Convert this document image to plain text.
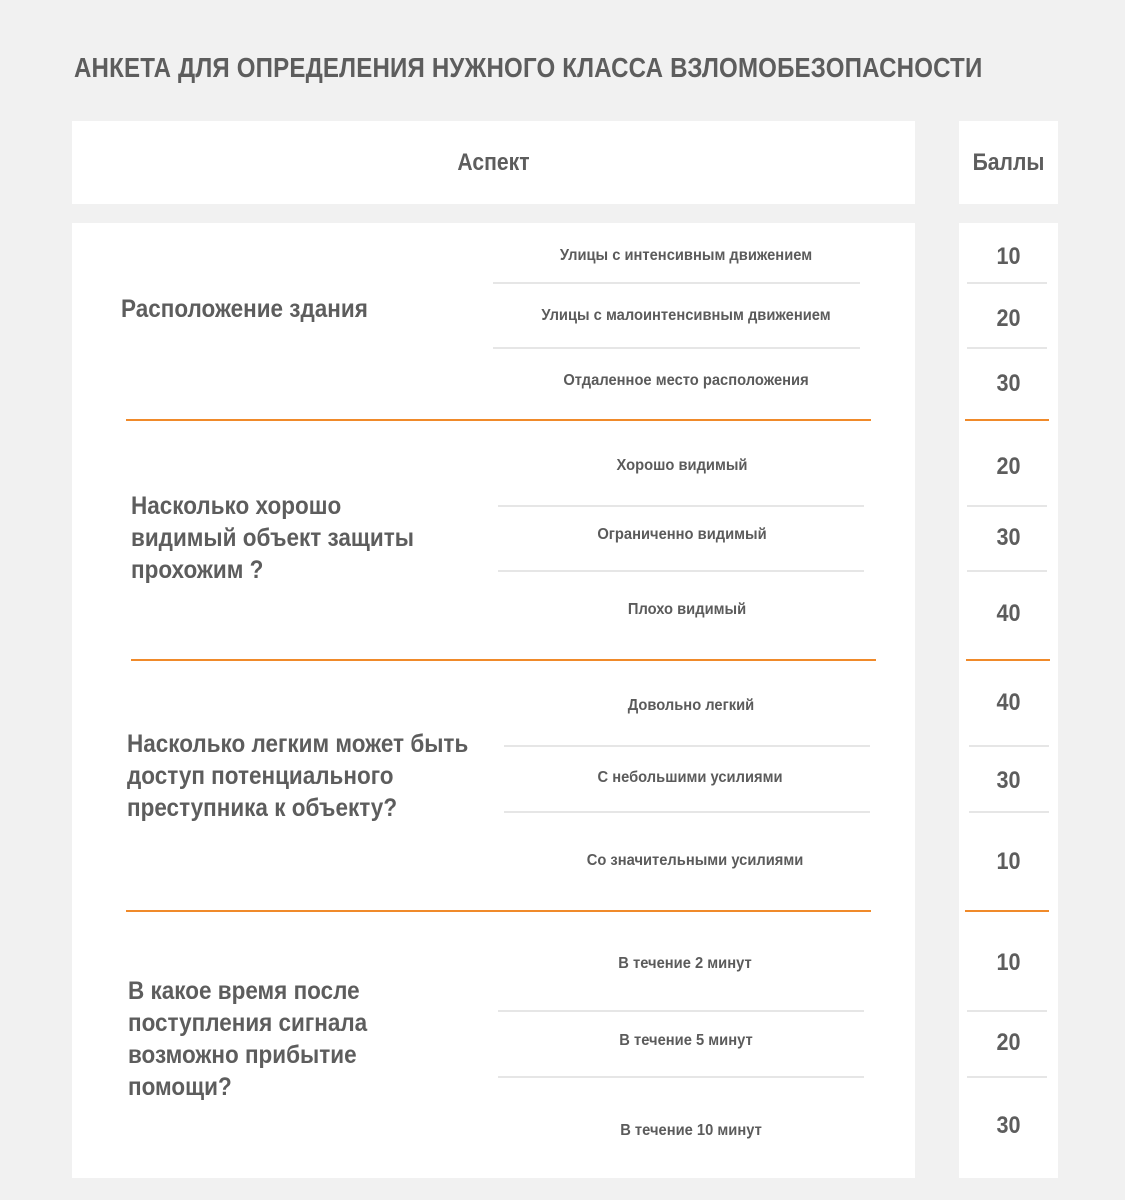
АНКЕТА ДЛЯ ОПРЕДЕЛЕНИЯ НУЖНОГО КЛАССА ВЗЛОМОБЕЗОПАСНОСТИ
Аспект	Баллы
Расположение здания
Улицы с интенсивным движением
Улицы с малоинтенсивным движением
Отдаленное место расположения
10
20
30
Насколько хорошо видимый объект защиты прохожим ?
Хорошо видимый
Ограниченно видимый
Плохо видимый
20
30
40
Насколько легким может быть доступ потенциального преступника к объекту?
Довольно легкий
С небольшими усилиями
Со значительными усилиями
40
30
10
В какое время после поступления сигнала возможно прибытие помощи?
В течение 2 минут
В течение 5 минут
В течение 10 минут
10
20
30
